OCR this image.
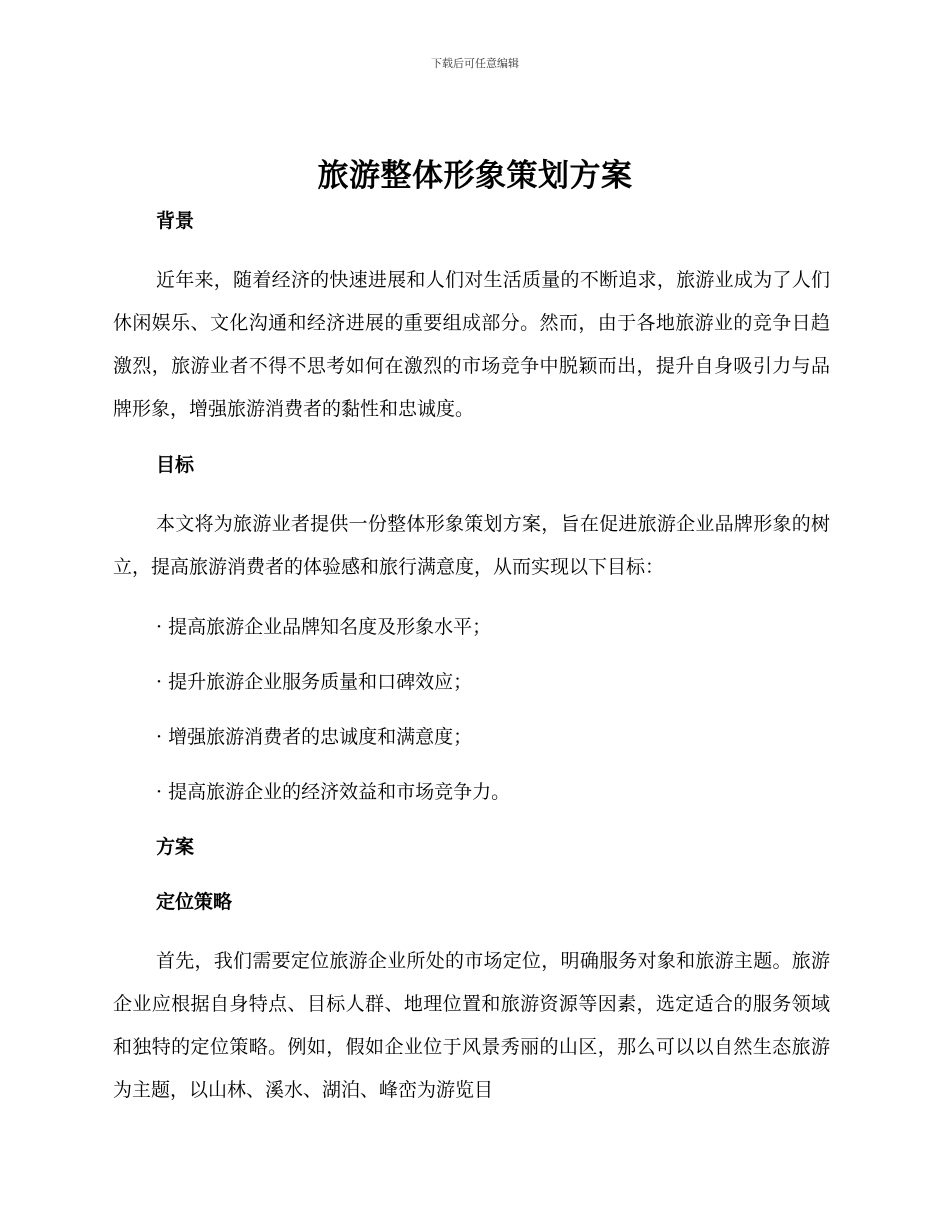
下载后可任意编辑
旅游整体形象策划方案
背景

近年来，随着经济的快速进展和人们对生活质量的不断追求，旅游业成为了人们休闲娱乐、文化沟通和经济进展的重要组成部分。然而，由于各地旅游业的竞争日趋激烈，旅游业者不得不思考如何在激烈的市场竞争中脱颖而出，提升自身吸引力与品牌形象，增强旅游消费者的黏性和忠诚度。

目标

本文将为旅游业者提供一份整体形象策划方案，旨在促进旅游企业品牌形象的树立，提高旅游消费者的体验感和旅行满意度，从而实现以下目标：

· 提高旅游企业品牌知名度及形象水平；
· 提升旅游企业服务质量和口碑效应；
· 增强旅游消费者的忠诚度和满意度；
· 提高旅游企业的经济效益和市场竞争力。
方案
定位策略

首先，我们需要定位旅游企业所处的市场定位，明确服务对象和旅游主题。旅游企业应根据自身特点、目标人群、地理位置和旅游资源等因素，选定适合的服务领域和独特的定位策略。例如，假如企业位于风景秀丽的山区，那么可以以自然生态旅游为主题，以山林、溪水、湖泊、峰峦为游览目
